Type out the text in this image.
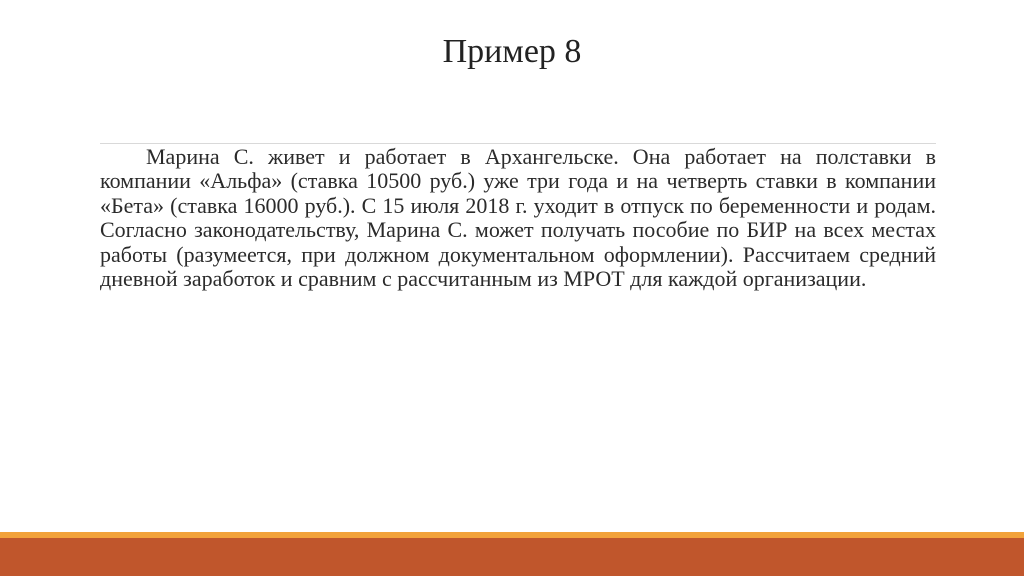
Пример 8

Марина С. живет и работает в Архангельске. Она работает на полставки в компании «Альфа» (ставка 10500 руб.) уже три года и на четверть ставки в компании «Бета» (ставка 16000 руб.). С 15 июля 2018 г. уходит в отпуск по беременности и родам. Согласно законодательству, Марина С. может получать пособие по БИР на всех местах работы (разумеется, при должном документальном оформлении). Рассчитаем средний дневной заработок и сравним с рассчитанным из МРОТ для каждой организации.
